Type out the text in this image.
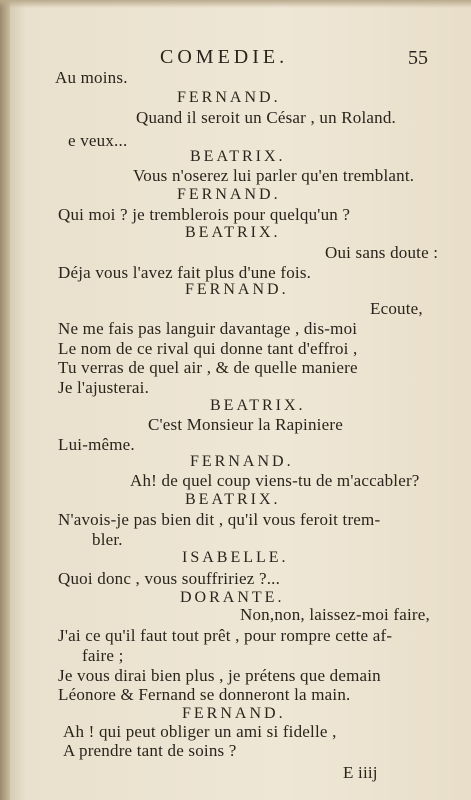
COMEDIE.	55
Au moins.
FERNAND.
Quand il seroit un César , un Roland.
e veux...
BEATRIX.
Vous n'oserez lui parler qu'en tremblant.
FERNAND.
Qui moi ? je tremblerois pour quelqu'un ?
BEATRIX.
Oui sans doute :
Déja vous l'avez fait plus d'une fois.
FERNAND.
Ecoute,
Ne me fais pas languir davantage , dis-moi
Le nom de ce rival qui donne tant d'effroi ,
Tu verras de quel air , & de quelle maniere
Je l'ajusterai.
BEATRIX.
C'est Monsieur la Rapiniere
Lui-même.
FERNAND.
Ah! de quel coup viens-tu de m'accabler?
BEATRIX.
N'avois-je pas bien dit , qu'il vous feroit trem-
bler.
ISABELLE.
Quoi donc , vous souffririez ?...
DORANTE.
Non,non, laissez-moi faire,
J'ai ce qu'il faut tout prêt , pour rompre cette af-
faire ;
Je vous dirai bien plus , je prétens que demain
Léonore & Fernand se donneront la main.
FERNAND.
Ah ! qui peut obliger un ami si fidelle ,
A prendre tant de soins ?
E iiij
